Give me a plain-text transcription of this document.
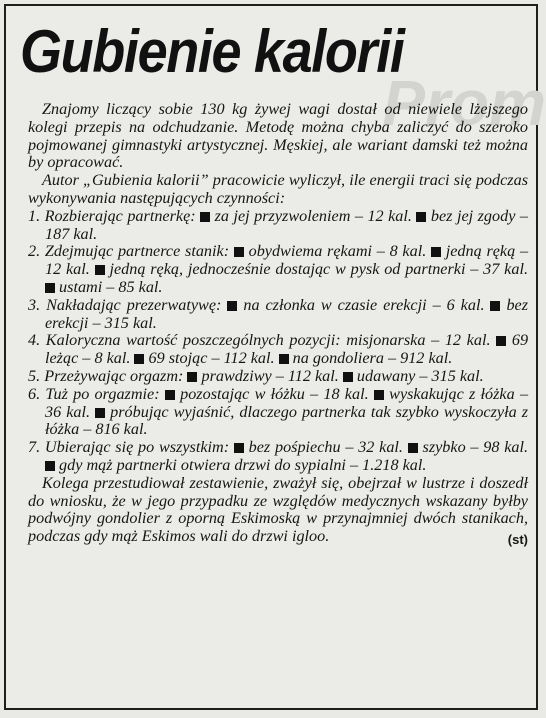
Prom
Gubienie kalorii

Znajomy liczący sobie 130 kg żywej wagi dostał od niewiele lżejszego kolegi przepis na odchudzanie. Metodę można chyba zaliczyć do szeroko pojmowanej gimnastyki artystycznej. Męskiej, ale wariant damski też można by opracować.

Autor „Gubienia kalorii” pracowicie wyliczył, ile energii traci się podczas wykonywania następujących czynności:

1. Rozbierając partnerkę: za jej przyzwoleniem – 12 kal. bez jej zgody – 187 kal.
2. Zdejmując partnerce stanik: obydwiema rękami – 8 kal. jedną ręką – 12 kal. jedną ręką, jednocześnie dostając w pysk od partnerki – 37 kal.  ustami – 85 kal.
3. Nakładając prezerwatywę: na członka w czasie erekcji – 6 kal. bez erekcji – 315 kal.
4. Kaloryczna wartość poszczególnych pozycji: misjonarska – 12 kal. 69 leżąc – 8 kal. 69 stojąc – 112 kal. na gondoliera – 912 kal.
5. Przeżywając orgazm: prawdziwy – 112 kal. udawany – 315 kal.
6. Tuż po orgazmie: pozostając w łóżku – 18 kal. wyskakując z łóżka – 36 kal. próbując wyjaśnić, dlaczego partnerka tak szybko wyskoczyła z łóżka – 816 kal.
7. Ubierając się po wszystkim: bez pośpiechu – 32 kal. szybko – 98 kal.  gdy mąż partnerki otwiera drzwi do sypialni – 1.218 kal.

Kolega przestudiował zestawienie, zważył się, obejrzał w lustrze i doszedł do wniosku, że w jego przypadku ze względów medycznych wskazany byłby podwójny gondolier z oporną Eskimoską w przynajmniej dwóch stanikach, podczas gdy mąż Eskimos wali do drzwi igloo.	(st)
